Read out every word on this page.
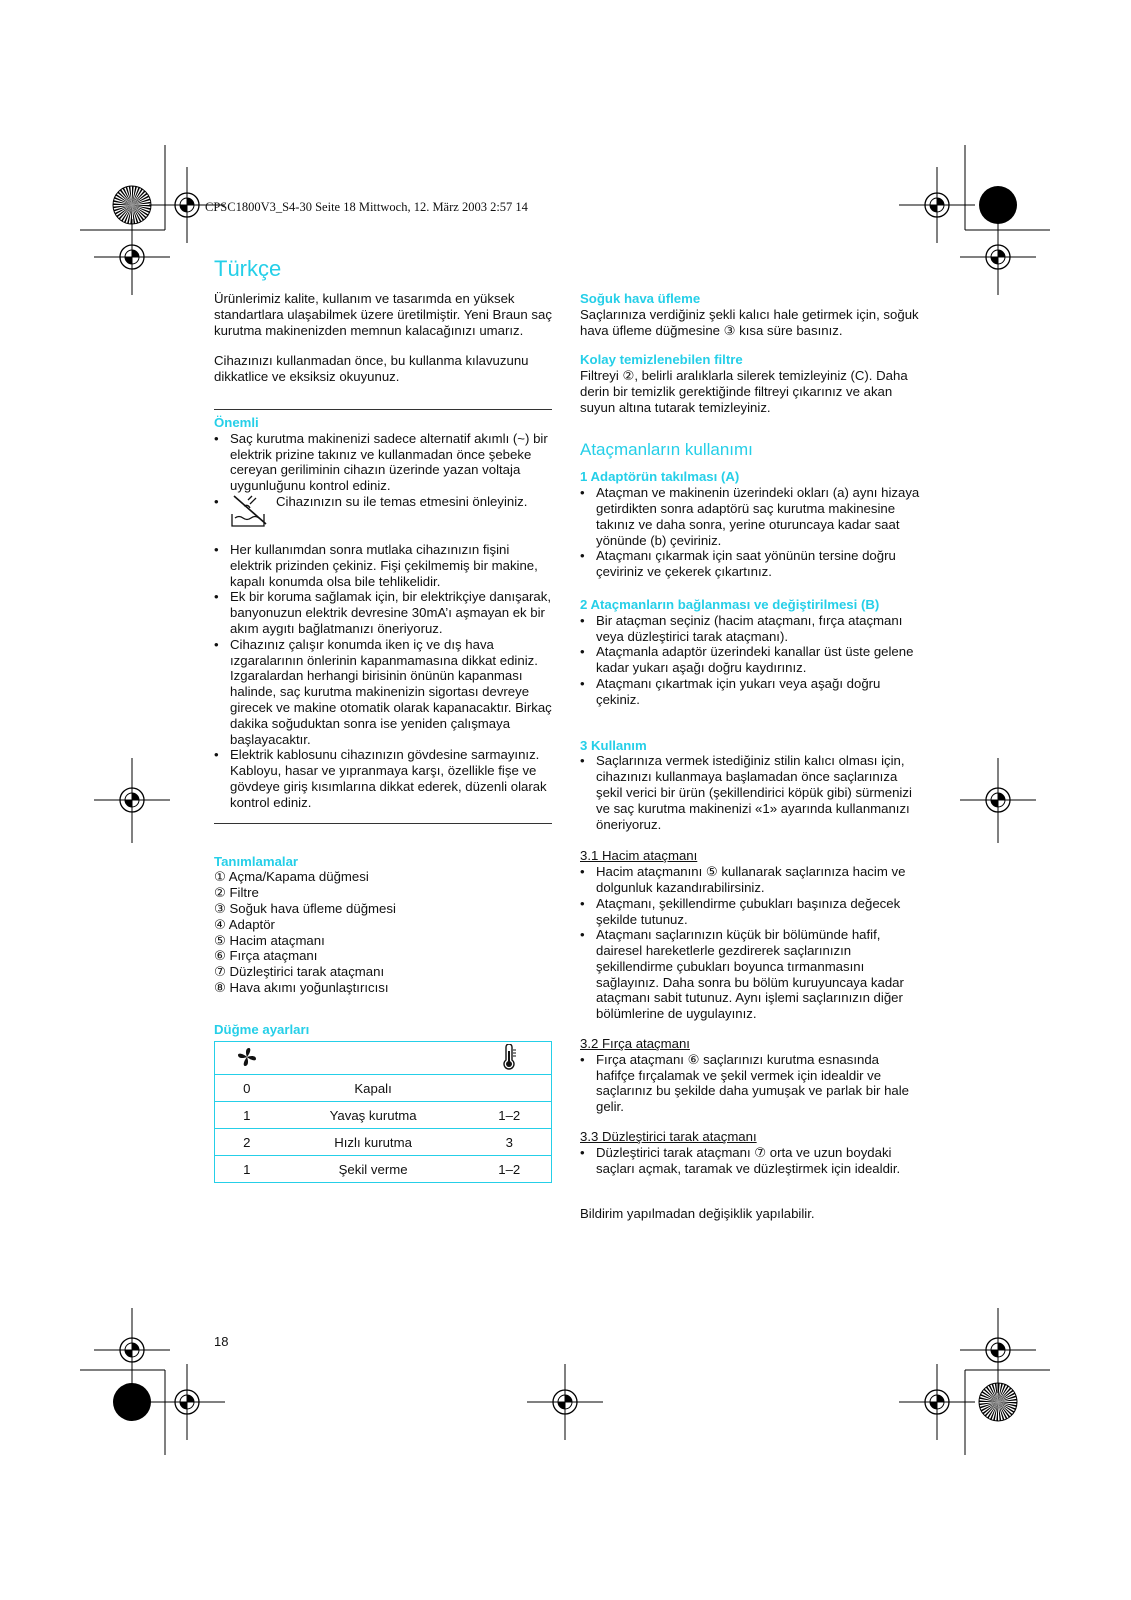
CPSC1800V3_S4-30 Seite 18 Mittwoch, 12. März 2003 2:57 14
Türkçe

Ürünlerimiz kalite, kullanım ve tasarımda en yüksek standartlara ulaşabilmek üzere üretilmiştir. Yeni Braun saç kurutma makinenizden memnun kalacağınızı umarız.

Cihazınızı kullanmadan önce, bu kullanma kılavuzunu dikkatlice ve eksiksiz okuyunuz.

Önemli
• Saç kurutma makinenizi sadece alternatif akımlı (~) bir elektrik prizine takınız ve kullanmadan önce şebeke cereyan geriliminin cihazın üzerinde yazan voltaja uygunluğunu kontrol ediniz.
• Cihazınızın su ile temas etmesini önleyiniz.
• Her kullanımdan sonra mutlaka cihazınızın fişini elektrik prizinden çekiniz. Fişi çekilmemiş bir makine, kapalı konumda olsa bile tehlikelidir.
• Ek bir koruma sağlamak için, bir elektrikçiye danışarak, banyonuzun elektrik devresine 30mA’ı aşmayan ek bir akım aygıtı bağlatmanızı öneriyoruz.
• Cihazınız çalışır konumda iken iç ve dış hava ızgaralarının önlerinin kapanmamasına dikkat ediniz. Izgaralardan herhangi birisinin önünün kapanması halinde, saç kurutma makinenizin sigortası devreye girecek ve makine otomatik olarak kapanacaktır. Birkaç dakika soğuduktan sonra ise yeniden çalışmaya başlayacaktır.
• Elektrik kablosunu cihazınızın gövdesine sarmayınız. Kabloyu, hasar ve yıpranmaya karşı, özellikle fişe ve gövdeye giriş kısımlarına dikkat ederek, düzenli olarak kontrol ediniz.
Tanımlamalar
① Açma/Kapama düğmesi
② Filtre
③ Soğuk hava üfleme düğmesi
④ Adaptör
⑤ Hacim ataçmanı
⑥ Fırça ataçmanı
⑦ Düzleştirici tarak ataçmanı
⑧ Hava akımı yoğunlaştırıcısı
Düğme ayarları

0	Kapalı	
1	Yavaş kurutma	1–2
2	Hızlı kurutma	3
1	Şekil verme	1–2
Soğuk hava üfleme

Saçlarınıza verdiğiniz şekli kalıcı hale getirmek için, soğuk hava üfleme düğmesine ③ kısa süre basınız.

Kolay temizlenebilen filtre

Filtreyi ②, belirli aralıklarla silerek temizleyiniz (C). Daha derin bir temizlik gerektiğinde filtreyi çıkarınız ve akan suyun altına tutarak temizleyiniz.

Ataçmanların kullanımı
1 Adaptörün takılması (A)
• Ataçman ve makinenin üzerindeki okları (a) aynı hizaya getirdikten sonra adaptörü saç kurutma makinesine takınız ve daha sonra, yerine oturuncaya kadar saat yönünde (b) çeviriniz.
• Ataçmanı çıkarmak için saat yönünün tersine doğru çeviriniz ve çekerek çıkartınız.
2 Ataçmanların bağlanması ve değiştirilmesi (B)
• Bir ataçman seçiniz (hacim ataçmanı, fırça ataçmanı veya düzleştirici tarak ataçmanı).
• Ataçmanla adaptör üzerindeki kanallar üst üste gelene kadar yukarı aşağı doğru kaydırınız.
• Ataçmanı çıkartmak için yukarı veya aşağı doğru çekiniz.
3 Kullanım
• Saçlarınıza vermek istediğiniz stilin kalıcı olması için, cihazınızı kullanmaya başlamadan önce saçlarınıza şekil verici bir ürün (şekillendirici köpük gibi) sürmenizi ve saç kurutma makinenizi «1» ayarında kullanmanızı öneriyoruz.

3.1 Hacim ataçmanı

• Hacim ataçmanını ⑤ kullanarak saçlarınıza hacim ve dolgunluk kazandırabilirsiniz.
• Ataçmanı, şekillendirme çubukları başınıza değecek şekilde tutunuz.
• Ataçmanı saçlarınızın küçük bir bölümünde hafif, dairesel hareketlerle gezdirerek saçlarınızın şekillendirme çubukları boyunca tırmanmasını sağlayınız. Daha sonra bu bölüm kuruyuncaya kadar ataçmanı sabit tutunuz. Aynı işlemi saçlarınızın diğer bölümlerine de uygulayınız.

3.2 Fırça ataçmanı

• Fırça ataçmanı ⑥ saçlarınızı kurutma esnasında hafifçe fırçalamak ve şekil vermek için idealdir ve saçlarınız bu şekilde daha yumuşak ve parlak bir hale gelir.

3.3 Düzleştirici tarak ataçmanı

• Düzleştirici tarak ataçmanı ⑦ orta ve uzun boydaki saçları açmak, taramak ve düzleştirmek için idealdir.

Bildirim yapılmadan değişiklik yapılabilir.

18
